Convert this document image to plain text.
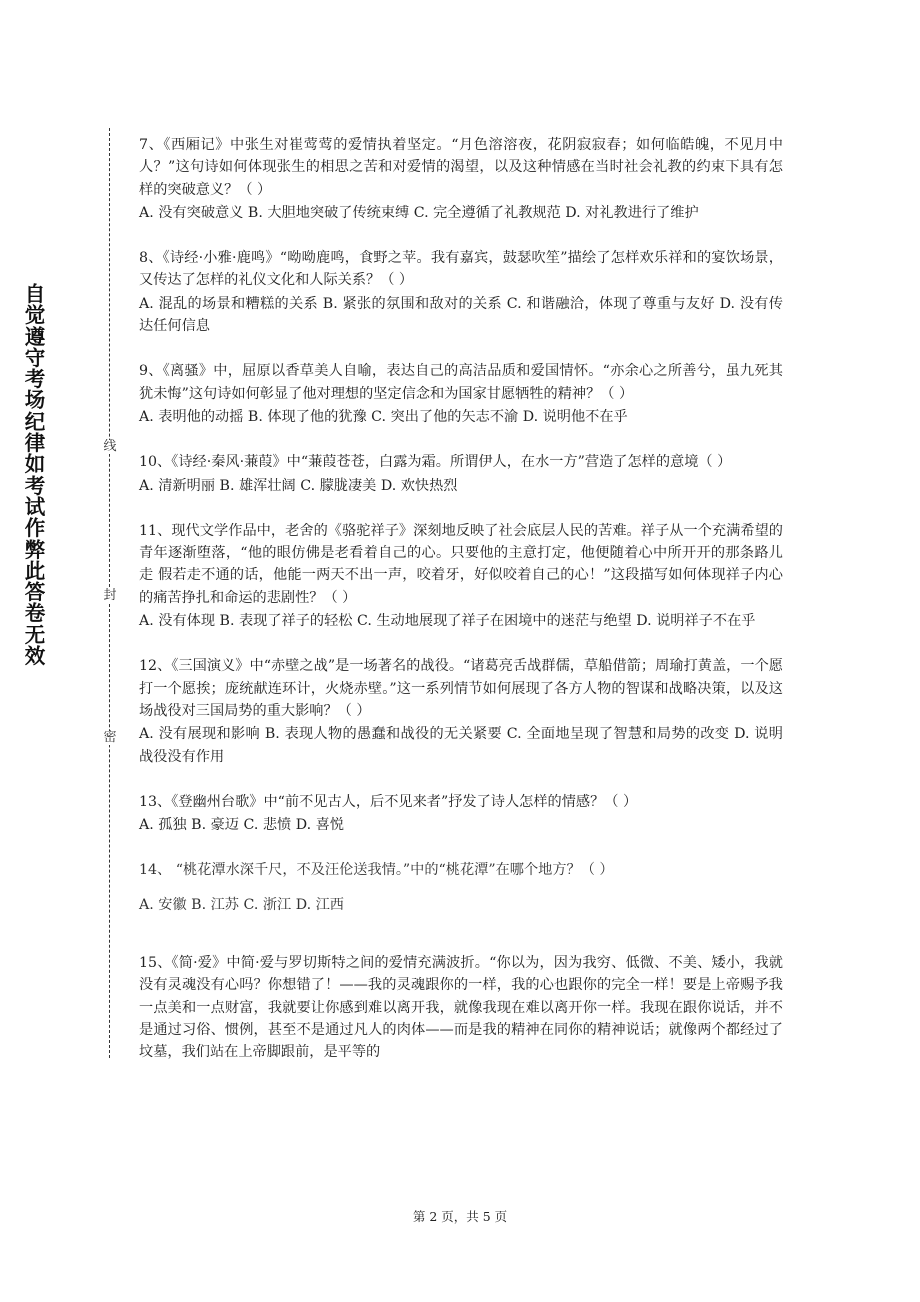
自
觉
遵
守
考
场
纪
律
如
考
试
作
弊
此
答
卷
无
效
线
封
密

7、《西厢记》中张生对崔莺莺的爱情执着坚定。“月色溶溶夜，花阴寂寂春；如何临皓魄，不见月中人？”这句诗如何体现张生的相思之苦和对爱情的渴望，以及这种情感在当时社会礼教的约束下具有怎样的突破意义？（ ）

A. 没有突破意义 B. 大胆地突破了传统束缚 C. 完全遵循了礼教规范 D. 对礼教进行了维护

8、《诗经·小雅·鹿鸣》“呦呦鹿鸣，食野之苹。我有嘉宾，鼓瑟吹笙”描绘了怎样欢乐祥和的宴饮场景，又传达了怎样的礼仪文化和人际关系？（ ）

A. 混乱的场景和糟糕的关系 B. 紧张的氛围和敌对的关系 C. 和谐融洽，体现了尊重与友好 D. 没有传达任何信息

9、《离骚》中，屈原以香草美人自喻，表达自己的高洁品质和爱国情怀。“亦余心之所善兮，虽九死其犹未悔”这句诗如何彰显了他对理想的坚定信念和为国家甘愿牺牲的精神？（ ）

A. 表明他的动摇 B. 体现了他的犹豫 C. 突出了他的矢志不渝 D. 说明他不在乎

10、《诗经·秦风·蒹葭》中“蒹葭苍苍，白露为霜。所谓伊人，在水一方”营造了怎样的意境（ ）

A. 清新明丽 B. 雄浑壮阔 C. 朦胧凄美 D. 欢快热烈

11、现代文学作品中，老舍的《骆驼祥子》深刻地反映了社会底层人民的苦难。祥子从一个充满希望的青年逐渐堕落，“他的眼仿佛是老看着自己的心。只要他的主意打定，他便随着心中所开开的那条路儿走 假若走不通的话，他能一两天不出一声，咬着牙，好似咬着自己的心！”这段描写如何体现祥子内心的痛苦挣扎和命运的悲剧性？（ ）

A. 没有体现 B. 表现了祥子的轻松 C. 生动地展现了祥子在困境中的迷茫与绝望 D. 说明祥子不在乎

12、《三国演义》中“赤壁之战”是一场著名的战役。“诸葛亮舌战群儒，草船借箭；周瑜打黄盖，一个愿打一个愿挨；庞统献连环计，火烧赤壁。”这一系列情节如何展现了各方人物的智谋和战略决策，以及这场战役对三国局势的重大影响？（ ）

A. 没有展现和影响 B. 表现人物的愚蠢和战役的无关紧要 C. 全面地呈现了智慧和局势的改变 D. 说明战役没有作用

13、《登幽州台歌》中“前不见古人，后不见来者”抒发了诗人怎样的情感？（ ）

A. 孤独 B. 豪迈 C. 悲愤 D. 喜悦

14、 “桃花潭水深千尺，不及汪伦送我情。”中的“桃花潭”在哪个地方？（ ）

A. 安徽 B. 江苏 C. 浙江 D. 江西

15、《简·爱》中简·爱与罗切斯特之间的爱情充满波折。“你以为，因为我穷、低微、不美、矮小，我就没有灵魂没有心吗？你想错了！——我的灵魂跟你的一样，我的心也跟你的完全一样！要是上帝赐予我一点美和一点财富，我就要让你感到难以离开我，就像我现在难以离开你一样。我现在跟你说话，并不是通过习俗、惯例，甚至不是通过凡人的肉体——而是我的精神在同你的精神说话；就像两个都经过了坟墓，我们站在上帝脚跟前，是平等的

第 2 页，共 5 页
